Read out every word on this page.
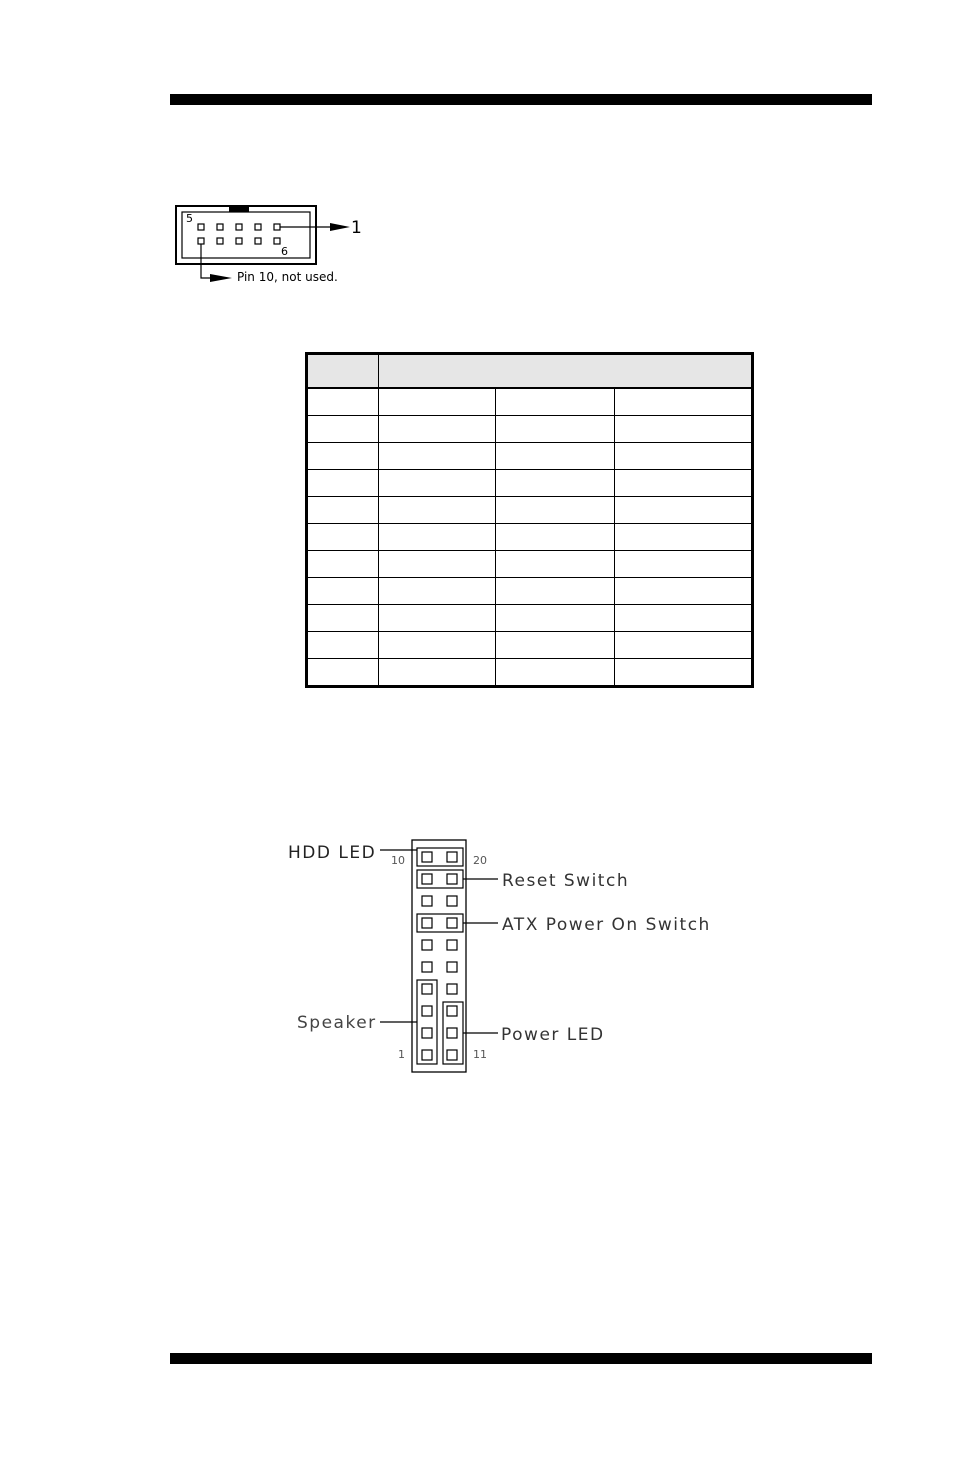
5
6
1
Pin 10, not used.

HDD LED
Reset Switch
ATX Power On Switch
Speaker
Power LED
10	20
1	11
